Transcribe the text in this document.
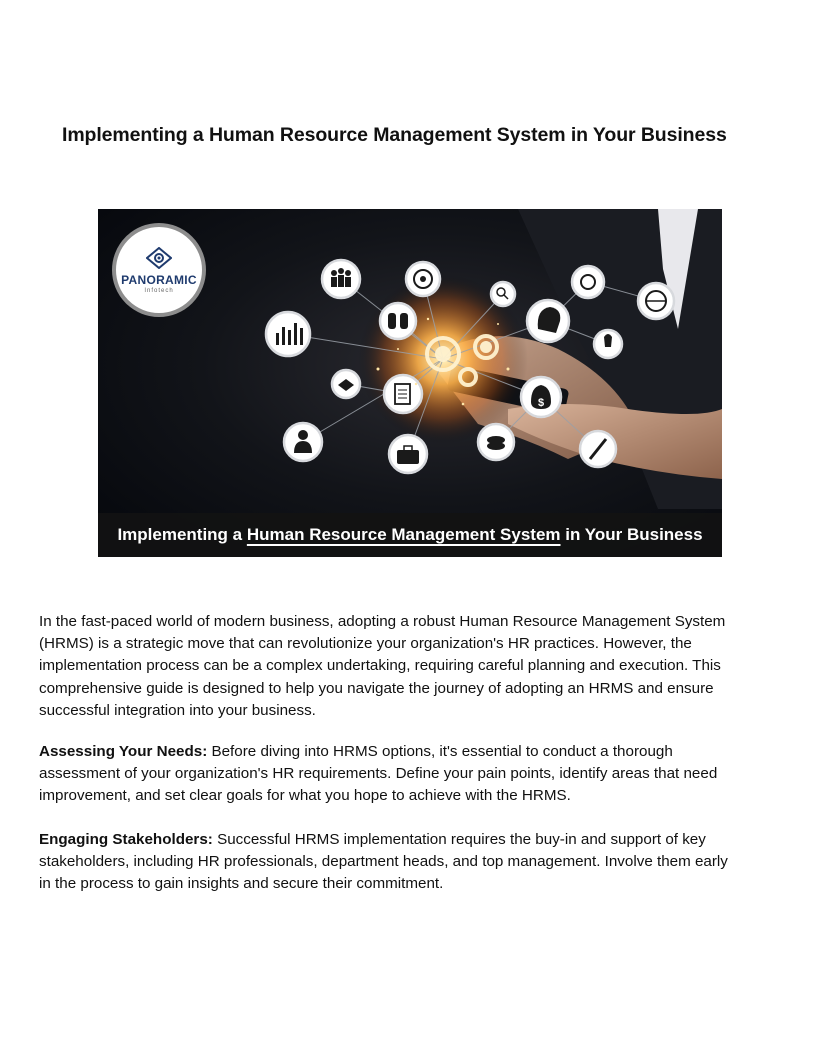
Implementing a Human Resource Management System in Your Business
$
PANORAMIC
Infotech
Implementing a
Human Resource Management System
in Your Business

In the fast-paced world of modern business, adopting a robust Human Resource Management System (HRMS) is a strategic move that can revolutionize your organization's HR practices. However, the implementation process can be a complex undertaking, requiring careful planning and execution. This comprehensive guide is designed to help you navigate the journey of adopting an HRMS and ensure successful integration into your business.

Assessing Your Needs: Before diving into HRMS options, it's essential to conduct a thorough assessment of your organization's HR requirements. Define your pain points, identify areas that need improvement, and set clear goals for what you hope to achieve with the HRMS.

Engaging Stakeholders: Successful HRMS implementation requires the buy-in and support of key stakeholders, including HR professionals, department heads, and top management. Involve them early in the process to gain insights and secure their commitment.
